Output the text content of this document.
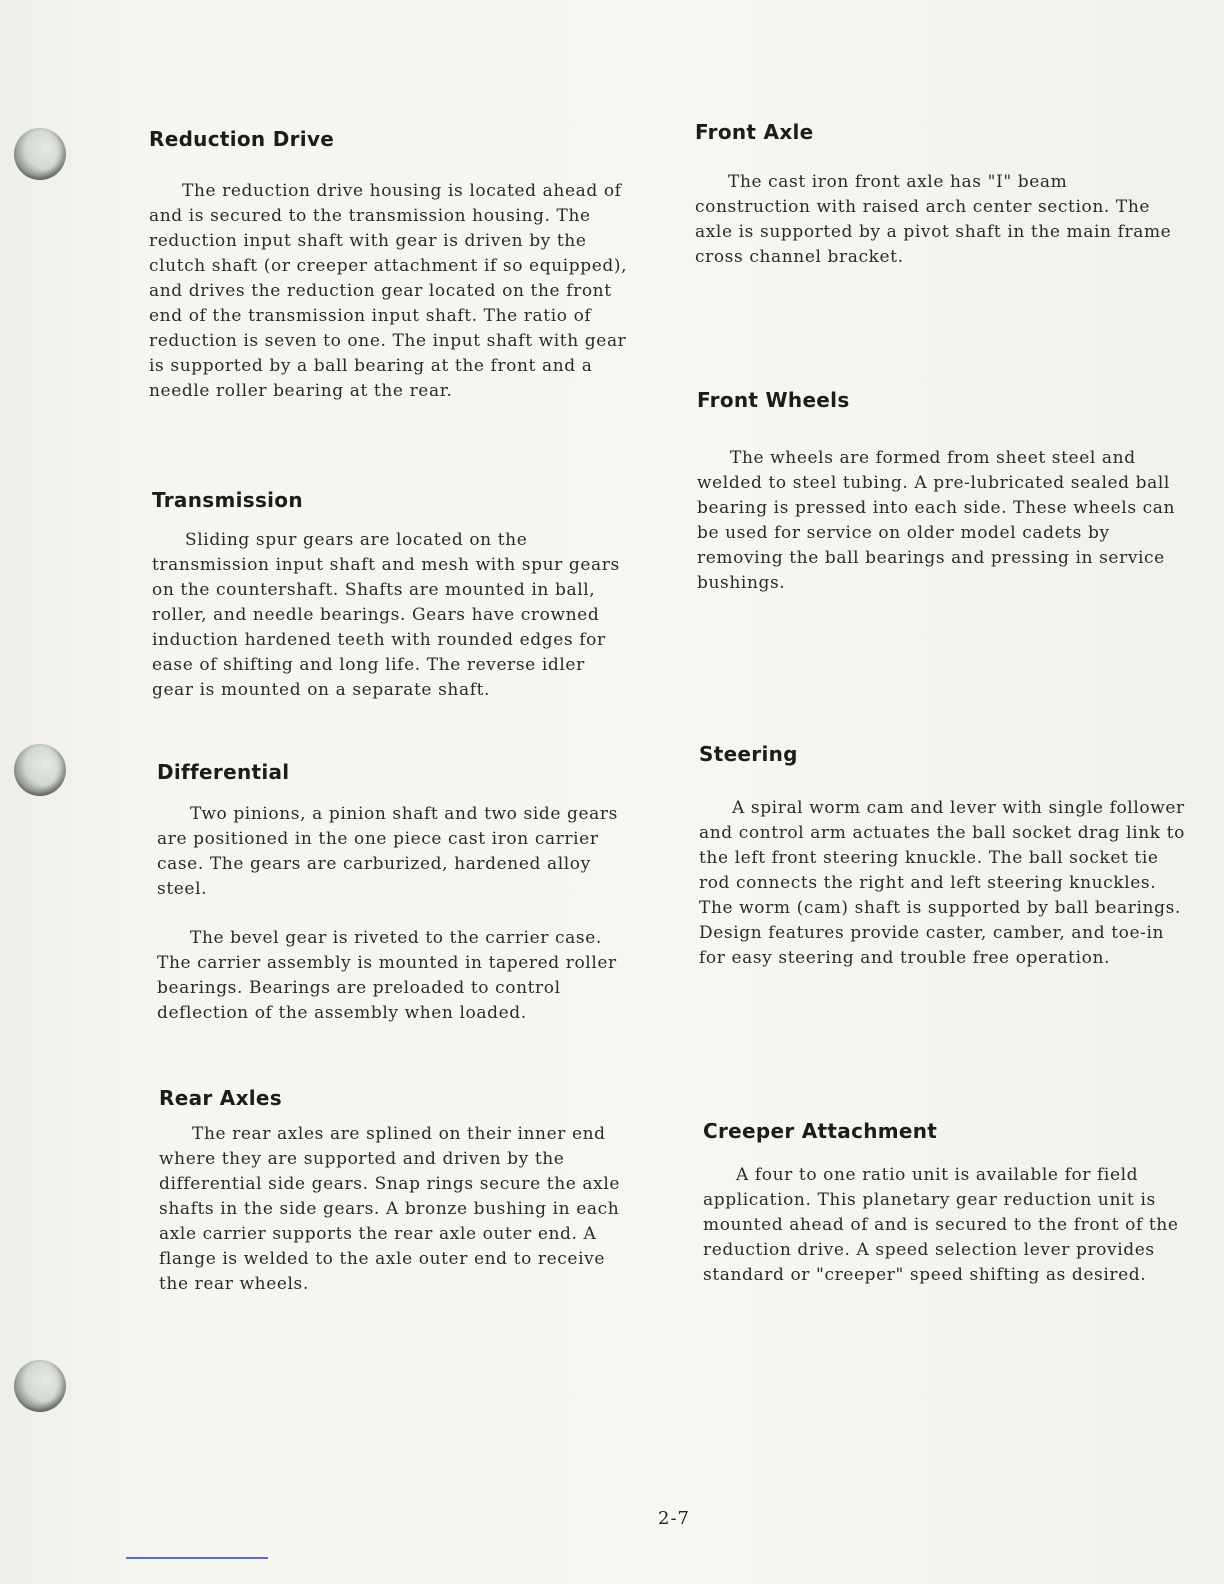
Reduction Drive

The reduction drive housing is located ahead of and is secured to the transmission housing. The reduction input shaft with gear is driven by the clutch shaft (or creeper attachment if so equipped), and drives the reduction gear located on the front end of the transmission input shaft. The ratio of reduction is seven to one. The input shaft with gear is supported by a ball bearing at the front and a needle roller bearing at the rear.

Transmission

Sliding spur gears are located on the transmission input shaft and mesh with spur gears on the countershaft. Shafts are mounted in ball, roller, and needle bearings. Gears have crowned induction hardened teeth with rounded edges for ease of shifting and long life. The reverse idler gear is mounted on a separate shaft.

Differential

Two pinions, a pinion shaft and two side gears are positioned in the one piece cast iron carrier case. The gears are carburized, hardened alloy steel.

The bevel gear is riveted to the carrier case. The carrier assembly is mounted in tapered roller bearings. Bearings are preloaded to control deflection of the assembly when loaded.

Rear Axles

The rear axles are splined on their inner end where they are supported and driven by the differential side gears. Snap rings secure the axle shafts in the side gears. A bronze bushing in each axle carrier supports the rear axle outer end. A flange is welded to the axle outer end to receive the rear wheels.

Front Axle

The cast iron front axle has "I" beam construction with raised arch center section. The axle is supported by a pivot shaft in the main frame cross channel bracket.

Front Wheels

The wheels are formed from sheet steel and welded to steel tubing. A pre-lubricated sealed ball bearing is pressed into each side. These wheels can be used for service on older model cadets by removing the ball bearings and pressing in service bushings.

Steering

A spiral worm cam and lever with single follower and control arm actuates the ball socket drag link to the left front steering knuckle. The ball socket tie rod connects the right and left steering knuckles. The worm (cam) shaft is supported by ball bearings. Design features provide caster, camber, and toe-in for easy steering and trouble free operation.

Creeper Attachment

A four to one ratio unit is available for field application. This planetary gear reduction unit is mounted ahead of and is secured to the front of the reduction drive. A speed selection lever provides standard or "creeper" speed shifting as desired.

2-7
